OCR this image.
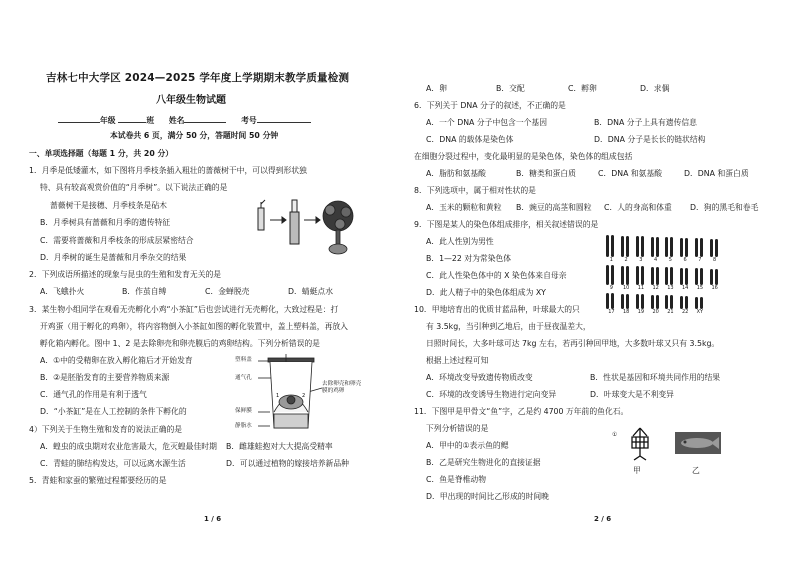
吉林七中大学区 2024—2025 学年度上学期期末教学质量检测
八年级生物试题
年级	班 姓名	考号
本试卷共 6 页，满分 50 分，答题时间 50 分钟
一、单项选择题（每题 1 分，共 20 分）
1．月季是低矮灌木，如下图将月季枝条插入粗壮的蔷薇树干中，可以得到形状独
特、具有较高观赏价值的“月季树”。以下说法正确的是
蔷薇树干是接穗、月季枝条是砧木
B．月季树具有蔷薇和月季的遗传特征
C．需要将蔷薇和月季枝条的形成层紧密结合
D．月季树的诞生是蔷薇和月季杂交的结果
2．下列成语所描述的现象与昆虫的生殖和发育无关的是
A．飞蛾扑火	B．作茧自缚	C．金蝉脱壳	D．蜻蜓点水
3．某生物小组同学在观看无壳孵化小鸡“小茶缸”后也尝试进行无壳孵化，大致过程是：打
开鸡蛋（用于孵化的鸡卵），将内容物倒入小茶缸如图的孵化装置中，盖上塑料盖，再放入
孵化箱内孵化。图中 1、2 是去除卵壳和卵壳膜后的鸡卵结构。下列分析错误的是
A．①中的受精卵在放入孵化箱后才开始发育
B．②是胚胎发育的主要营养物质来源
C．通气孔的作用是有利于透气
D．“小茶缸”是在人工控制的条件下孵化的
塑料盖
通气孔
保鲜膜
静脂水
去除卵壳和卵壳膜的鸡卵
1	2
4）下列关于生物生殖和发育的说法正确的是
A．蝗虫的成虫期对农业危害最大，危灭蝗最佳时期 B．雌雄蛙抱对大大提高受精率
C．青蛙的肺结构发达，可以远离水源生活	D．可以通过植物的嫁接培养新品种
5．青蛙和家蚕的繁殖过程都要经历的是
1 / 6
A．卵	B．交配	C．孵卵	D．求偶
6．下列关于 DNA 分子的叙述，不正确的是
A．一个 DNA 分子中包含一个基因	B．DNA 分子上具有遗传信息
C．DNA 的载体是染色体	D．DNA 分子是长长的链状结构
在细胞分裂过程中，变化最明显的是染色体，染色体的组成包括
A．脂肪和氨基酸	B．糖类和蛋白质	C．DNA 和氨基酸	D．DNA 和蛋白质
8．下列选项中，属于相对性状的是
A．玉米的颗粒和黄粒 B．豌豆的高茎和圆粒 C．人的身高和体重 D．狗的黑毛和卷毛
9．下图是某人的染色体组成排序，相关叙述错误的是
A．此人性别为男性
B．1—22 对为常染色体
C．此人性染色体中的 X 染色体来自母亲
D．此人精子中的染色体组成为 XY
1	2	3	4	5	6	7	8
9	10	11	12	13	14	15	16
17	18	19	20	21	22	XY
10．甲地培育出的优质甘蓝品种，叶球最大的只
有 3.5kg，当引种到乙地后，由于昼夜温差大，
日照时间长，大多叶球可达 7kg 左右，若再引种回甲地，大多数叶球又只有 3.5kg。
根据上述过程可知
A．环境改变导致遗传物质改变	B．性状是基因和环境共同作用的结果
C．环境的改变诱导生物进行定向变异	D．叶球变大是不利变异
11．下图甲是甲骨文“鱼”字，乙是约 4700 万年前的鱼化石。
下列分析错误的是
A．甲中的①表示鱼的鳃
B．乙是研究生物进化的直接证据
C．鱼是脊椎动物
D．甲出现的时间比乙形成的时间晚
①
甲	乙
2 / 6
